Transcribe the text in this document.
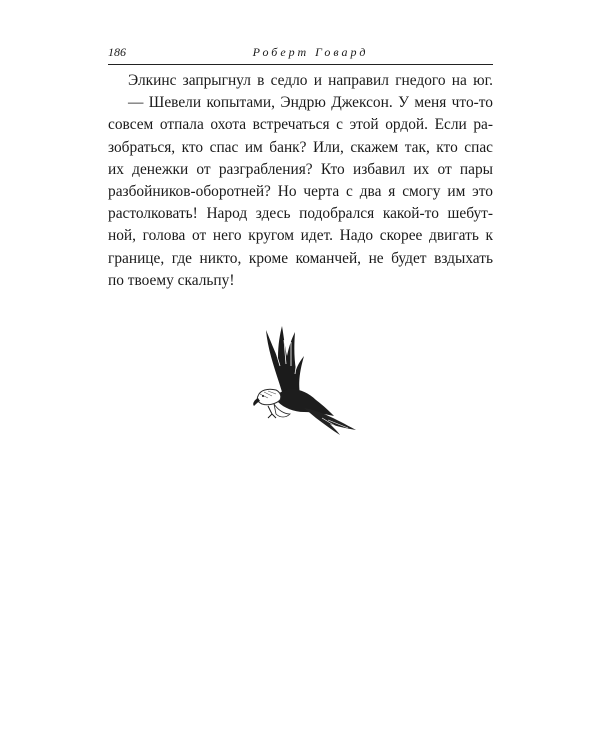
186	Роберт Говард
Элкинс запрыгнул в седло и направил гнедого на юг.
— Шевели копытами, Эндрю Джексон. У меня что-то
совсем отпала охота встречаться с этой ордой. Если ра-
зобраться, кто спас им банк? Или, скажем так, кто спас
их денежки от разграбления? Кто избавил их от пары
разбойников-оборотней? Но черта с два я смогу им это
растолковать! Народ здесь подобрался какой-то шебут-
ной, голова от него кругом идет. Надо скорее двигать к
границе, где никто, кроме команчей, не будет вздыхать
по твоему скальпу!
